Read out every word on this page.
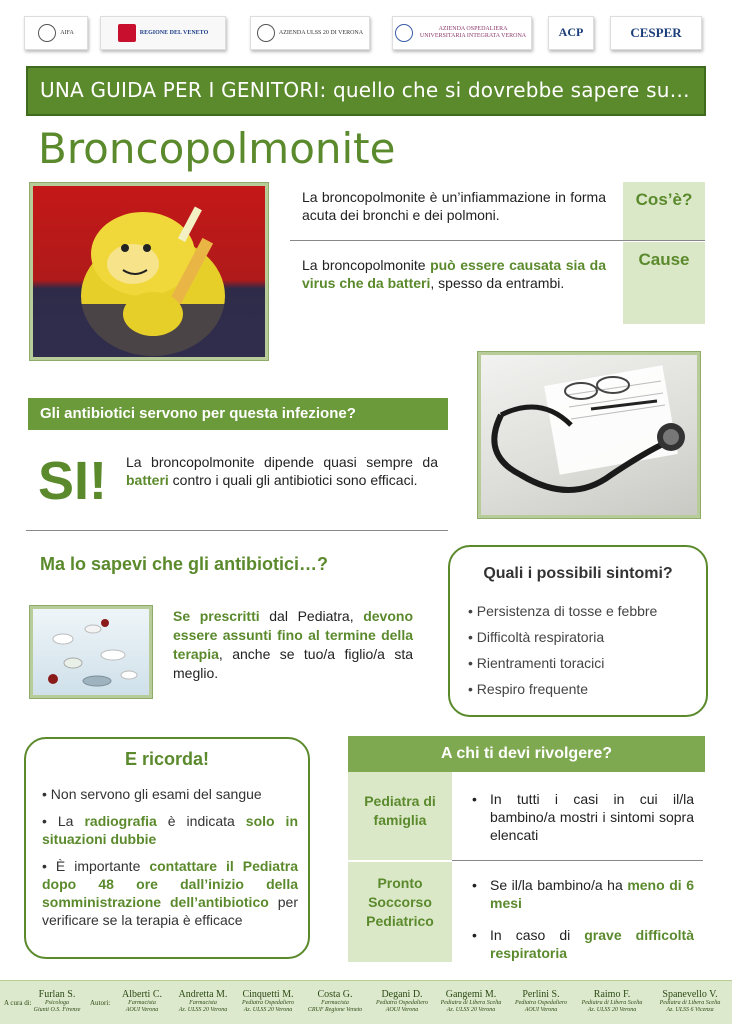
AIFA	REGIONE DEL VENETO	AZIENDA ULSS 20 DI VERONA
AZIENDA OSPEDALIERA UNIVERSITARIA INTEGRATA VERONA	ACP	CESPER
UNA GUIDA PER I GENITORI: quello che si dovrebbe sapere su…
Broncopolmonite
La broncopolmonite è un’infiammazione in forma acuta dei bronchi e dei polmoni.
Cos’è?
La broncopolmonite può essere causata sia da virus che da batteri, spesso da entrambi.
Cause
Gli antibiotici servono per questa infezione?
SI! La broncopolmonite dipende quasi sempre da batteri contro i quali gli antibiotici sono efficaci.
Ma lo sapevi che gli antibiotici…?
Se prescritti dal Pediatra, devono essere assunti fino al termine della terapia, anche se tuo/a figlio/a sta meglio.
Quali i possibili sintomi?
• Persistenza di tosse e febbre
• Difficoltà respiratoria
• Rientramenti toracici
• Respiro frequente
E ricorda!
• Non servono gli esami del sangue
• La radiografia è indicata solo in situazioni dubbie
• È importante contattare il Pediatra dopo 48 ore dall’inizio della somministrazione dell’antibiotico per verificare se la terapia è efficace
A chi ti devi rivolgere?
Pediatra di famiglia
• In tutti i casi in cui il/la bambino/a mostri i sintomi sopra elencati
Pronto Soccorso Pediatrico
• Se il/la bambino/a ha meno di 6 mesi
• In caso di grave difficoltà respiratoria
A cura di:
Furlan S.
Psicologa
Giunti O.S. Firenze
Autori:
Alberti C.
Farmacista
AOUI Verona
Andretta M.
Farmacista
Az. ULSS 20 Verona
Cinquetti M.
Pediatra Ospedaliero
Az. ULSS 20 Verona
Costa G.
Farmacista
CRUF Regione Veneto
Degani D.
Pediatra Ospedaliero
AOUI Verona
Gangemi M.
Pediatra di Libera Scelta
Az. ULSS 20 Verona
Perlini S.
Pediatra Ospedaliero
AOUI Verona
Raimo F.
Pediatra di Libera Scelta
Az. ULSS 20 Verona
Spanevello V.
Pediatra di Libera Scelta
Az. ULSS 6 Vicenza
